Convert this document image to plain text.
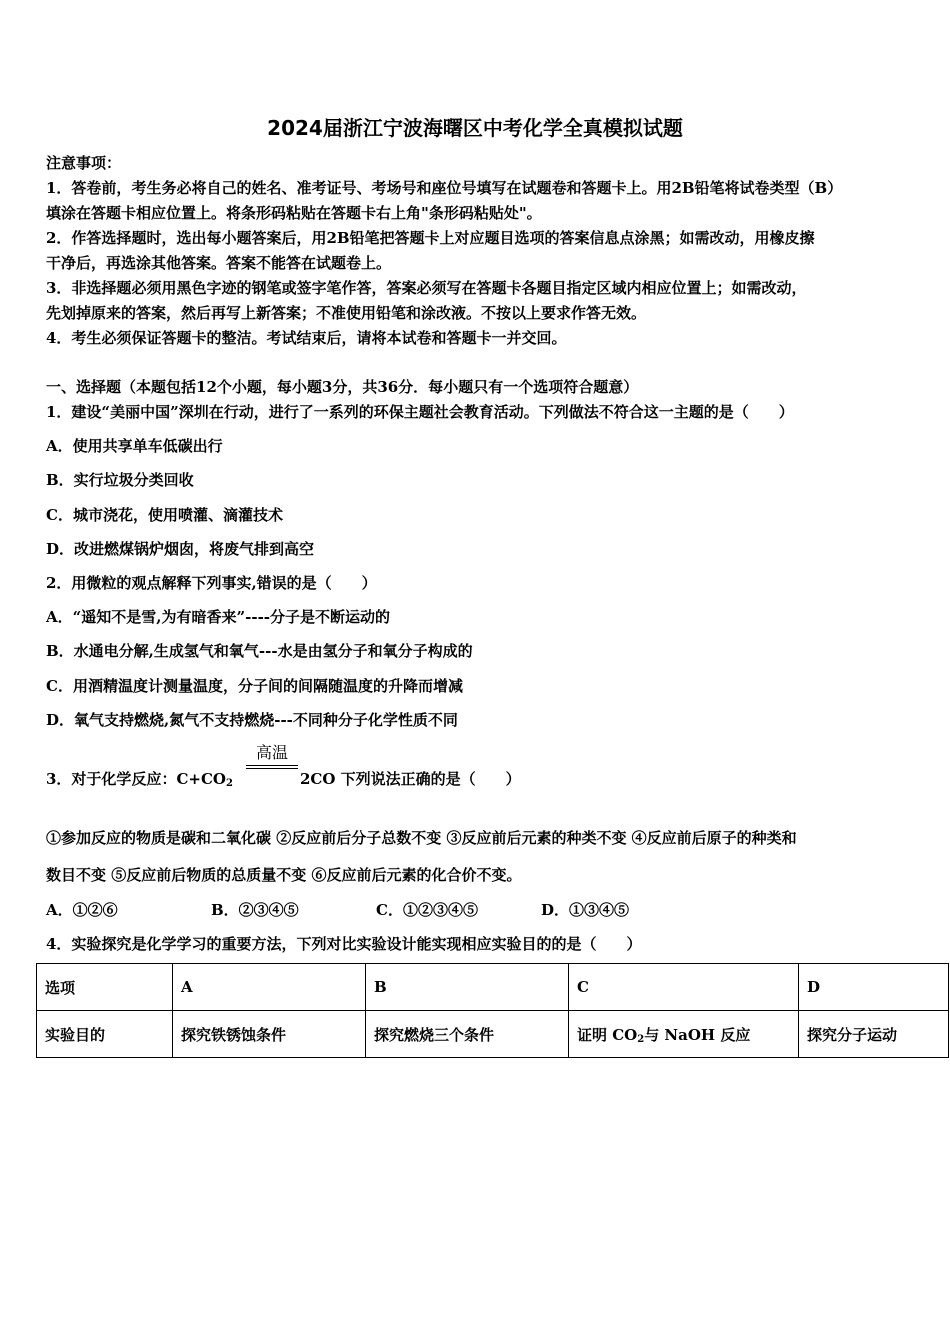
2024届浙江宁波海曙区中考化学全真模拟试题
注意事项：
1．答卷前，考生务必将自己的姓名、准考证号、考场号和座位号填写在试题卷和答题卡上。用2B铅笔将试卷类型（B）
填涂在答题卡相应位置上。将条形码粘贴在答题卡右上角"条形码粘贴处"。
2．作答选择题时，选出每小题答案后，用2B铅笔把答题卡上对应题目选项的答案信息点涂黑；如需改动，用橡皮擦
干净后，再选涂其他答案。答案不能答在试题卷上。
3．非选择题必须用黑色字迹的钢笔或签字笔作答，答案必须写在答题卡各题目指定区域内相应位置上；如需改动，
先划掉原来的答案，然后再写上新答案；不准使用铅笔和涂改液。不按以上要求作答无效。
4．考生必须保证答题卡的整洁。考试结束后，请将本试卷和答题卡一并交回。
一、选择题（本题包括12个小题，每小题3分，共36分．每小题只有一个选项符合题意）
1．建设“美丽中国”深圳在行动，进行了一系列的环保主题社会教育活动。下列做法不符合这一主题的是（　　）
A．使用共享单车低碳出行
B．实行垃圾分类回收
C．城市浇花，使用喷灌、滴灌技术
D．改进燃煤锅炉烟囱，将废气排到高空
2．用微粒的观点解释下列事实,错误的是（　　）
A．“遥知不是雪,为有暗香来”----分子是不断运动的
B．水通电分解,生成氢气和氧气---水是由氢分子和氧分子构成的
C．用酒精温度计测量温度，分子间的间隔随温度的升降而增减
D．氧气支持燃烧,氮气不支持燃烧---不同种分子化学性质不同
3．对于化学反应：$C+CO_2$
高温
2CO 下列说法正确的是（　　）
①参加反应的物质是碳和二氧化碳 ②反应前后分子总数不变 ③反应前后元素的种类不变 ④反应前后原子的种类和
数目不变 ⑤反应前后物质的总质量不变 ⑥反应前后元素的化合价不变。
A．①②⑥	B．②③④⑤	C．①②③④⑤	D．①③④⑤
4．实验探究是化学学习的重要方法，下列对比实验设计能实现相应实验目的的是（　　）
选项	A	B	C	D
实验目的	探究铁锈蚀条件	探究燃烧三个条件	证明 $CO_2$与 NaOH 反应	探究分子运动
